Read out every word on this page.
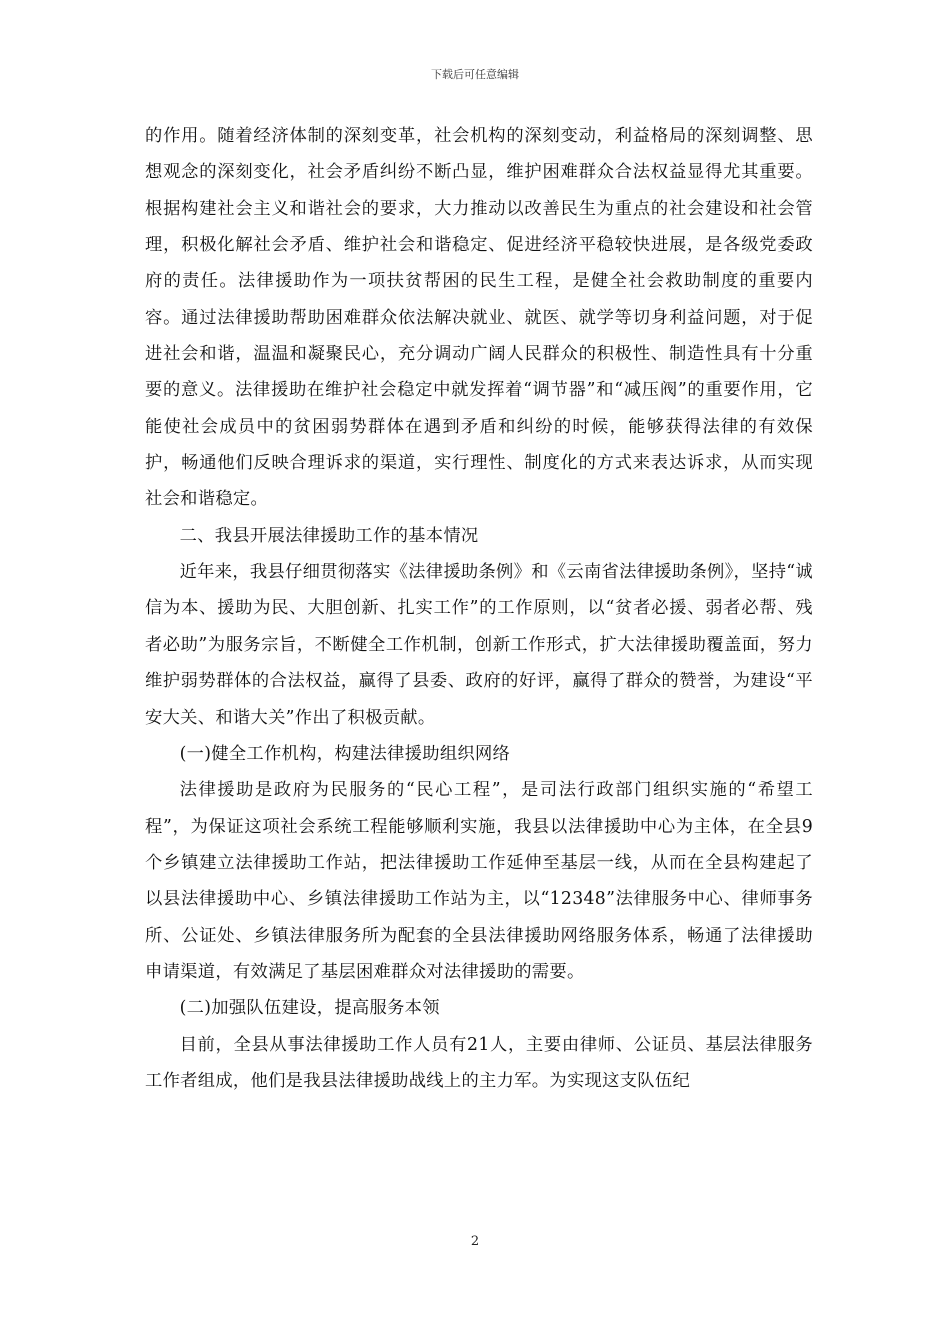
下载后可任意编辑

的作用。随着经济体制的深刻变革，社会机构的深刻变动，利益格局的深刻调整、思想观念的深刻变化，社会矛盾纠纷不断凸显，维护困难群众合法权益显得尤其重要。根据构建社会主义和谐社会的要求，大力推动以改善民生为重点的社会建设和社会管理，积极化解社会矛盾、维护社会和谐稳定、促进经济平稳较快进展，是各级党委政府的责任。法律援助作为一项扶贫帮困的民生工程，是健全社会救助制度的重要内容。通过法律援助帮助困难群众依法解决就业、就医、就学等切身利益问题，对于促进社会和谐，温温和凝聚民心，充分调动广阔人民群众的积极性、制造性具有十分重要的意义。法律援助在维护社会稳定中就发挥着“调节器”和“减压阀”的重要作用，它能使社会成员中的贫困弱势群体在遇到矛盾和纠纷的时候，能够获得法律的有效保护，畅通他们反映合理诉求的渠道，实行理性、制度化的方式来表达诉求，从而实现社会和谐稳定。

二、我县开展法律援助工作的基本情况

近年来，我县仔细贯彻落实《法律援助条例》和《云南省法律援助条例》，坚持“诚信为本、援助为民、大胆创新、扎实工作”的工作原则，以“贫者必援、弱者必帮、残者必助”为服务宗旨，不断健全工作机制，创新工作形式，扩大法律援助覆盖面，努力维护弱势群体的合法权益，赢得了县委、政府的好评，赢得了群众的赞誉，为建设“平安大关、和谐大关”作出了积极贡献。

(一)健全工作机构，构建法律援助组织网络

法律援助是政府为民服务的“民心工程”，是司法行政部门组织实施的“希望工程”，为保证这项社会系统工程能够顺利实施，我县以法律援助中心为主体，在全县9个乡镇建立法律援助工作站，把法律援助工作延伸至基层一线，从而在全县构建起了以县法律援助中心、乡镇法律援助工作站为主，以“12348”法律服务中心、律师事务所、公证处、乡镇法律服务所为配套的全县法律援助网络服务体系，畅通了法律援助申请渠道，有效满足了基层困难群众对法律援助的需要。

(二)加强队伍建设，提高服务本领

目前，全县从事法律援助工作人员有21人，主要由律师、公证员、基层法律服务工作者组成，他们是我县法律援助战线上的主力军。为实现这支队伍纪

2
